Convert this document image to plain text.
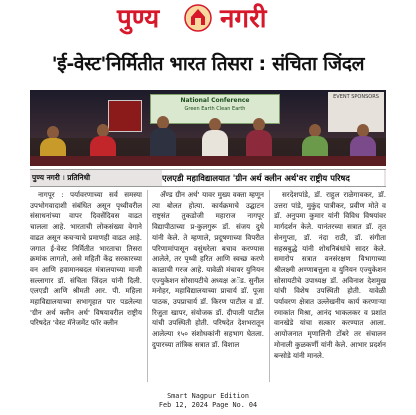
पुण्य नगरी
'ई-वेस्ट'निर्मितीत भारत तिसरा : संचिता जिंदल
National Conference
Green Earth Clean Earth
EVENT SPONSORS
पुण्य नगरी । प्रतिनिधी	एलएडी महाविद्यालयात 'ग्रीन अर्थ क्लीन अर्थ'वर राष्ट्रीय परिषद

नागपूर : पर्यावरणाच्या सर्व समस्या उपभोगवादाशी संबंधित असून पृथ्वीवरील संसाधनांच्या वापर दिवसेंदिवस वाढत चालला आहे. भारताची लोकसंख्या वेगाने वाढत असून कचऱ्याचे प्रमाणही वाढत आहे. जगात ई-वेस्ट निर्मितीत भारताचा तिसरा क्रमांक लागतो, असे महिती केंद्र सरकारच्या वन आणि हवामानबदल मंत्रालयाच्या माजी सल्लागार डॉ. संचिता जिंदल यांनी दिली. एलएडी आणि श्रीमती आर. पी. महिला महाविद्यालयाच्या सभागृहात पार पडलेल्या 'ग्रीन अर्थ क्लीन अर्थ' विषयावरील राष्ट्रीय परिषदेत 'वेस्ट मॅनेजमेंट फॉर क्लीन

अँण्ड ग्रीन अर्थ' यावर मुख्य वक्ता म्हणून त्या बोलत होत्या. कार्यक्रमाचे उद्घाटन राष्ट्रसंत तुकडोजी महाराज नागपूर विद्यापीठाच्या प्र-कुलगुरू डॉ. संजय दुधे यांनी केले. ते म्हणाले, प्रदूषणाच्या विपरीत परिणामांपासून वसुंधरेला बचाव करण्यास आलेले, तर पृथ्वी हरित आणि स्वच्छ करणे काळाची गरज आहे. यावेळी मंचावर युनियन एज्युकेशन सोसायटीचे अध्यक्ष अॅड. सुनील मनोहर, महाविद्यालयाच्या प्राचार्य डॉ. पूजा पाठक, उपप्राचार्य डॉ. किरण पाटील व डॉ. रिजुता खापर, संयोजक डॉ. दीपाली पाटील यांची उपस्थिती होती. परिषदेत देशभरातून आलेल्या १५० संशोधकांनी सहभाग घेतला. दुपारच्या तांत्रिक सत्रात डॉ. विशाल

सरदेशपांडे, डॉ. राहुल राळेगावकर, डॉ. उत्तरा पांडे, मुकुंद पात्रीकर, प्रवीण मोते व डॉ. अनुपमा कुमार यांनी विविध विषयांवर मार्गदर्शन केले. यानंतरच्या सत्रात डॉ. तृत सेनगुप्ता, डॉ. नंदा राठी, डॉ. संगीता सहस्रबुद्धे यांनी शोधनिबंधांचे सादर केले. समारोप सत्रात वनसंरक्षण विभागाच्या श्रीलक्ष्मी अण्णाबत्तुला व युनियन एज्युकेशन सोसायटीचे उपाध्यक्ष डॉ. अविनाश देशमुख यांची विशेष उपस्थिती होती. यावेळी पर्यावरण क्षेत्रात उल्लेखनीय कार्य करणाऱ्या रमाकांत मिश्रा, आनंद भाकलकर व प्रशांत वानखेडे यांचा सत्कार करण्यात आला. आयोजनात मृणालिनी टोंबरे तर संचालन मोनाली कुळकर्णी यांनी केले. आभार प्रदर्शन बन्सोडे यांनी मानले.

Smart Nagpur Edition
Feb 12, 2024 Page No. 04
